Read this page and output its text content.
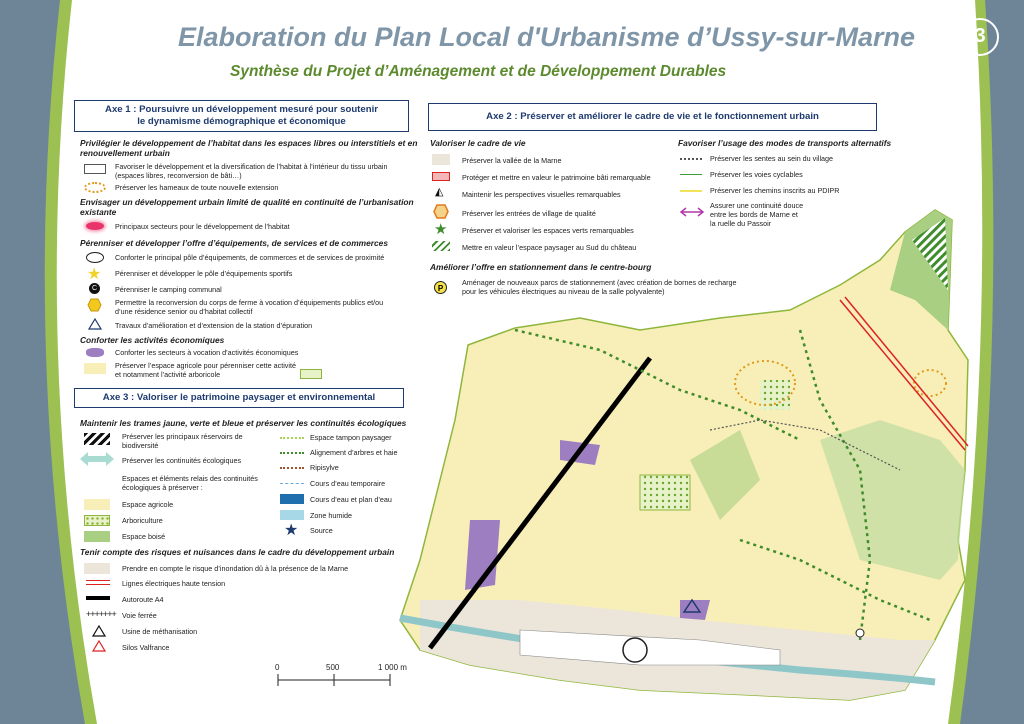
Elaboration du Plan Local d'Urbanisme d’Ussy-sur-Marne
Synthèse du Projet d’Aménagement et de Développement Durables
3
Axe 1 : Poursuivre un développement mesuré pour soutenir
le dynamisme démographique et économique
Privilégier le développement de l’habitat dans les espaces libres ou interstitiels et en
renouvellement urbain
Favoriser le développement et la diversification de l’habitat à l’intérieur du tissu urbain
(espaces libres, reconversion de bâti…)
Préserver les hameaux de toute nouvelle extension
Envisager un développement urbain limité de qualité en continuité de l’urbanisation
existante
Principaux secteurs pour le développement de l’habitat
Pérenniser et développer l’offre d’équipements, de services et de commerces
Conforter le principal pôle d’équipements, de commerces et de services de proximité
★ Pérenniser et développer le pôle d’équipements sportifs
C	Pérenniser le camping communal
Permettre la reconversion du corps de ferme à vocation d’équipements publics et/ou
d’une résidence senior ou d’habitat collectif
Travaux d’amélioration et d’extension de la station d’épuration
Conforter les activités économiques
Conforter les secteurs à vocation d’activités économiques
Préserver l’espace agricole pour pérenniser cette activité
et notamment l’activité arboricole
Axe 3 : Valoriser le patrimoine paysager et environnemental
Maintenir les trames jaune, verte et bleue et préserver les continuités écologiques
Préserver les principaux réservoirs de
biodiversité
Préserver les continuités écologiques
Espaces et éléments relais des continuités
écologiques à préserver :
Espace agricole
Arboriculture
Espace boisé
Espace tampon paysager
Alignement d’arbres et haie
Ripisylve
Cours d’eau temporaire
Cours d’eau et plan d’eau
Zone humide
★ Source
Tenir compte des risques et nuisances dans le cadre du développement urbain
Prendre en compte le risque d’inondation dû à la présence de la Marne
Lignes électriques haute tension
Autoroute A4
+++++++ Voie ferrée
Usine de méthanisation
Silos Valfrance
Axe 2 : Préserver et améliorer le cadre de vie et le fonctionnement urbain
Valoriser le cadre de vie
Préserver la vallée de la Marne
Protéger et mettre en valeur le patrimoine bâti remarquable
◭	Maintenir les perspectives visuelles remarquables
Préserver les entrées de village de qualité
★ Préserver et valoriser les espaces verts remarquables
Mettre en valeur l’espace paysager au Sud du château
Favoriser l’usage des modes de transports alternatifs
Préserver les sentes au sein du village
Préserver les voies cyclables
Préserver les chemins inscrits au PDIPR
Assurer une continuité douce
entre les bords de Marne et
la ruelle du Passoir
Améliorer l’offre en stationnement dans le centre-bourg
P
Aménager de nouveaux parcs de stationnement (avec création de bornes de recharge
pour les véhicules électriques au niveau de la salle polyvalente)
0	500	1 000 m
